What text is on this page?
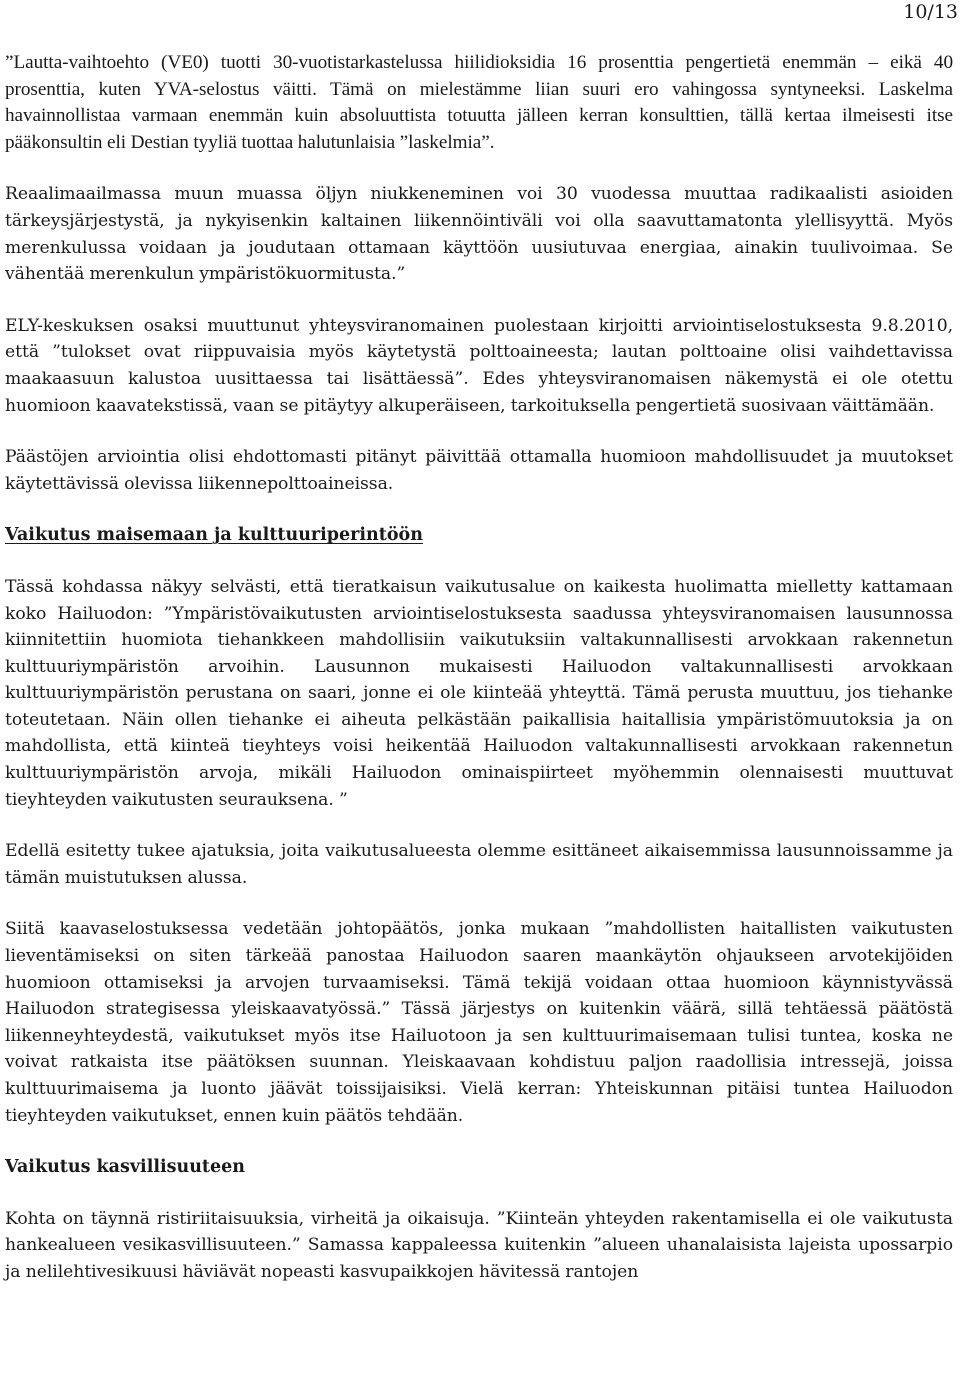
10/13

”Lautta-vaihtoehto (VE0) tuotti 30-vuotistarkastelussa hiilidioksidia 16 prosenttia pengertietä enemmän – eikä 40 prosenttia, kuten YVA-selostus väitti. Tämä on mielestämme liian suuri ero vahingossa syntyneeksi. Laskelma havainnollistaa varmaan enemmän kuin absoluuttista totuutta jälleen kerran konsulttien, tällä kertaa ilmeisesti itse pääkonsultin eli Destian tyyliä tuottaa halutunlaisia ”laskelmia”.

Reaalimaailmassa muun muassa öljyn niukkeneminen voi 30 vuodessa muuttaa radikaalisti asioiden tärkeysjärjestystä, ja nykyisenkin kaltainen liikennöintiväli voi olla saavuttamatonta ylellisyyttä. Myös merenkulussa voidaan ja joudutaan ottamaan käyttöön uusiutuvaa energiaa, ainakin tuulivoimaa. Se vähentää merenkulun ympäristökuormitusta.”

ELY-keskuksen osaksi muuttunut yhteysviranomainen puolestaan kirjoitti arviointiselostuksesta 9.8.2010, että ”tulokset ovat riippuvaisia myös käytetystä polttoaineesta; lautan polttoaine olisi vaihdettavissa maakaasuun kalustoa uusittaessa tai lisättäessä”. Edes yhteysviranomaisen näkemystä ei ole otettu huomioon kaavatekstissä, vaan se pitäytyy alkuperäiseen, tarkoituksella pengertietä suosivaan väittämään.

Päästöjen arviointia olisi ehdottomasti pitänyt päivittää ottamalla huomioon mahdollisuudet ja muutokset käytettävissä olevissa liikennepolttoaineissa.

Vaikutus maisemaan ja kulttuuriperintöön

Tässä kohdassa näkyy selvästi, että tieratkaisun vaikutusalue on kaikesta huolimatta mielletty kattamaan koko Hailuodon: ”Ympäristövaikutusten arviointiselostuksesta saadussa yhteysviranomaisen lausunnossa kiinnitettiin huomiota tiehankkeen mahdollisiin vaikutuksiin valtakunnallisesti arvokkaan rakennetun kulttuuriympäristön arvoihin. Lausunnon mukaisesti Hailuodon valtakunnallisesti arvokkaan kulttuuriympäristön perustana on saari, jonne ei ole kiinteää yhteyttä. Tämä perusta muuttuu, jos tiehanke toteutetaan. Näin ollen tiehanke ei aiheuta pelkästään paikallisia haitallisia ympäristömuutoksia ja on mahdollista, että kiinteä tieyhteys voisi heikentää Hailuodon valtakunnallisesti arvokkaan rakennetun kulttuuriympäristön arvoja, mikäli Hailuodon ominaispiirteet myöhemmin olennaisesti muuttuvat tieyhteyden vaikutusten seurauksena. ”

Edellä esitetty tukee ajatuksia, joita vaikutusalueesta olemme esittäneet aikaisemmissa lausunnoissamme ja tämän muistutuksen alussa.

Siitä kaavaselostuksessa vedetään johtopäätös, jonka mukaan ”mahdollisten haitallisten vaikutusten lieventämiseksi on siten tärkeää panostaa Hailuodon saaren maankäytön ohjaukseen arvotekijöiden huomioon ottamiseksi ja arvojen turvaamiseksi. Tämä tekijä voidaan ottaa huomioon käynnistyvässä Hailuodon strategisessa yleiskaavatyössä.” Tässä järjestys on kuitenkin väärä, sillä tehtäessä päätöstä liikenneyhteydestä, vaikutukset myös itse Hailuotoon ja sen kulttuurimaisemaan tulisi tuntea, koska ne voivat ratkaista itse päätöksen suunnan. Yleiskaavaan kohdistuu paljon raadollisia intressejä, joissa kulttuurimaisema ja luonto jäävät toissijaisiksi. Vielä kerran: Yhteiskunnan pitäisi tuntea Hailuodon tieyhteyden vaikutukset, ennen kuin päätös tehdään.

Vaikutus kasvillisuuteen

Kohta on täynnä ristiriitaisuuksia, virheitä ja oikaisuja. ”Kiinteän yhteyden rakentamisella ei ole vaikutusta hankealueen vesikasvillisuuteen.” Samassa kappaleessa kuitenkin ”alueen uhanalaisista lajeista upossarpio ja nelilehtivesikuusi häviävät nopeasti kasvupaikkojen hävitessä rantojen
